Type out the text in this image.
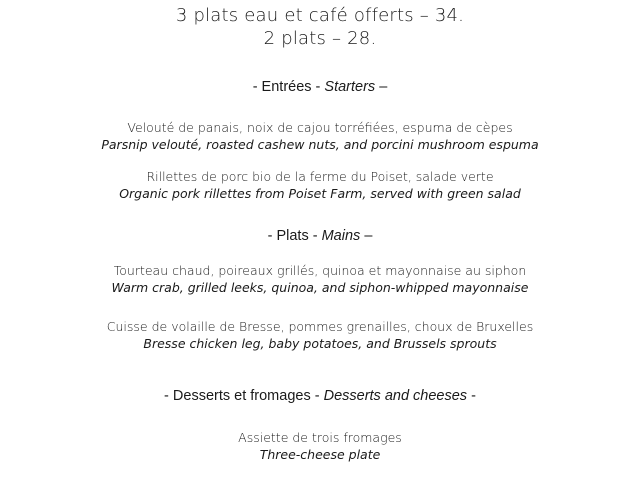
3 plats eau et café offerts – 34.
2 plats – 28.
- Entrées - Starters –
Velouté de panais, noix de cajou torréfiées, espuma de cèpes
Parsnip velouté, roasted cashew nuts, and porcini mushroom espuma
Rillettes de porc bio de la ferme du Poiset, salade verte
Organic pork rillettes from Poiset Farm, served with green salad
- Plats - Mains –
Tourteau chaud, poireaux grillés, quinoa et mayonnaise au siphon
Warm crab, grilled leeks, quinoa, and siphon-whipped mayonnaise
Cuisse de volaille de Bresse, pommes grenailles, choux de Bruxelles
Bresse chicken leg, baby potatoes, and Brussels sprouts
- Desserts et fromages - Desserts and cheeses -
Assiette de trois fromages
Three-cheese plate
